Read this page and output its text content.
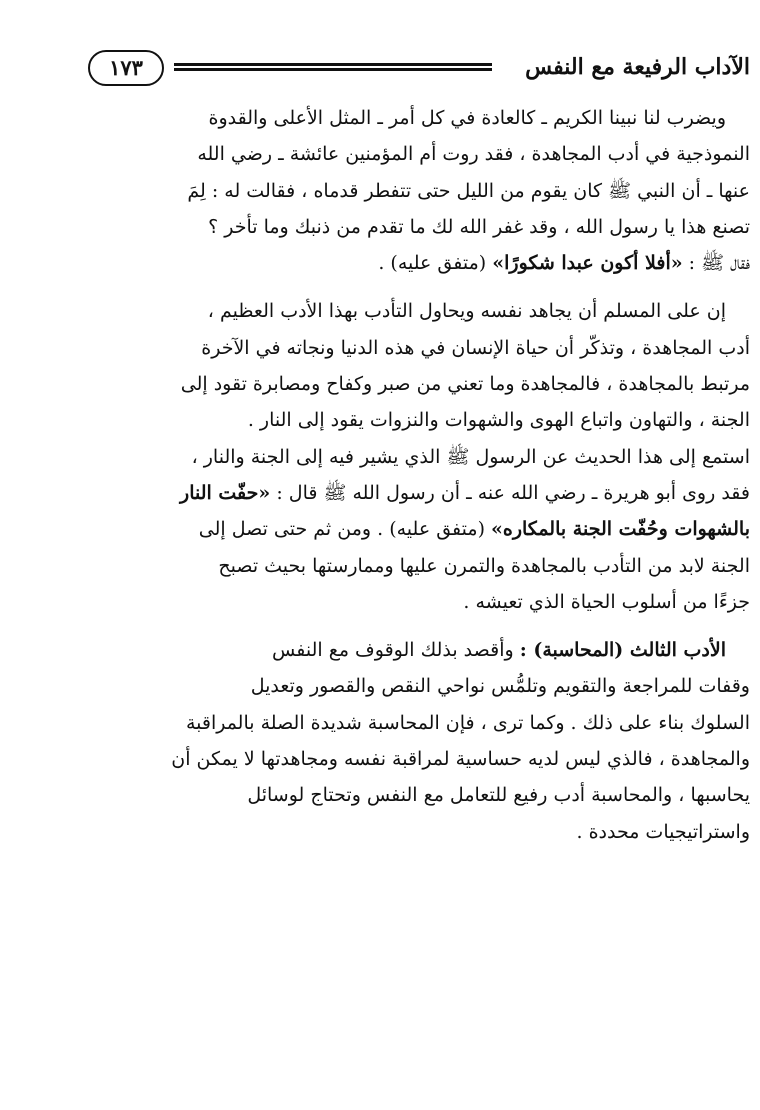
الآداب الرفيعة مع النفس
١٧٣
ويضرب لنا نبينا الكريم ـ كالعادة في كل أمر ـ المثل الأعلى والقدوة
النموذجية في أدب المجاهدة ، فقد روت أم المؤمنين عائشة ـ رضي الله
عنها ـ أن النبي ﷺ كان يقوم من الليل حتى تتفطر قدماه ، فقالت له : لِمَ
تصنع هذا يا رسول الله ، وقد غفر الله لك ما تقدم من ذنبك وما تأخر ؟
فقال ﷺ : «أفلا أكون عبدا شكورًا» (متفق عليه) .
إن على المسلم أن يجاهد نفسه ويحاول التأدب بهذا الأدب العظيم ،
أدب المجاهدة ، وتذكّر أن حياة الإنسان في هذه الدنيا ونجاته في الآخرة
مرتبط بالمجاهدة ، فالمجاهدة وما تعني من صبر وكفاح ومصابرة تقود إلى
الجنة ، والتهاون واتباع الهوى والشهوات والنزوات يقود إلى النار .
استمع إلى هذا الحديث عن الرسول ﷺ الذي يشير فيه إلى الجنة والنار ،
فقد روى أبو هريرة ـ رضي الله عنه ـ أن رسول الله ﷺ قال : «حفّت النار
بالشهوات وحُفّت الجنة بالمكاره» (متفق عليه) . ومن ثم حتى تصل إلى
الجنة لابد من التأدب بالمجاهدة والتمرن عليها وممارستها بحيث تصبح
جزءًا من أسلوب الحياة الذي تعيشه .
الأدب الثالث (المحاسبة) : وأقصد بذلك الوقوف مع النفس
وقفات للمراجعة والتقويم وتلمُّس نواحي النقص والقصور وتعديل
السلوك بناء على ذلك . وكما ترى ، فإن المحاسبة شديدة الصلة بالمراقبة
والمجاهدة ، فالذي ليس لديه حساسية لمراقبة نفسه ومجاهدتها لا يمكن أن
يحاسبها ، والمحاسبة أدب رفيع للتعامل مع النفس وتحتاج لوسائل
واستراتيجيات محددة .
